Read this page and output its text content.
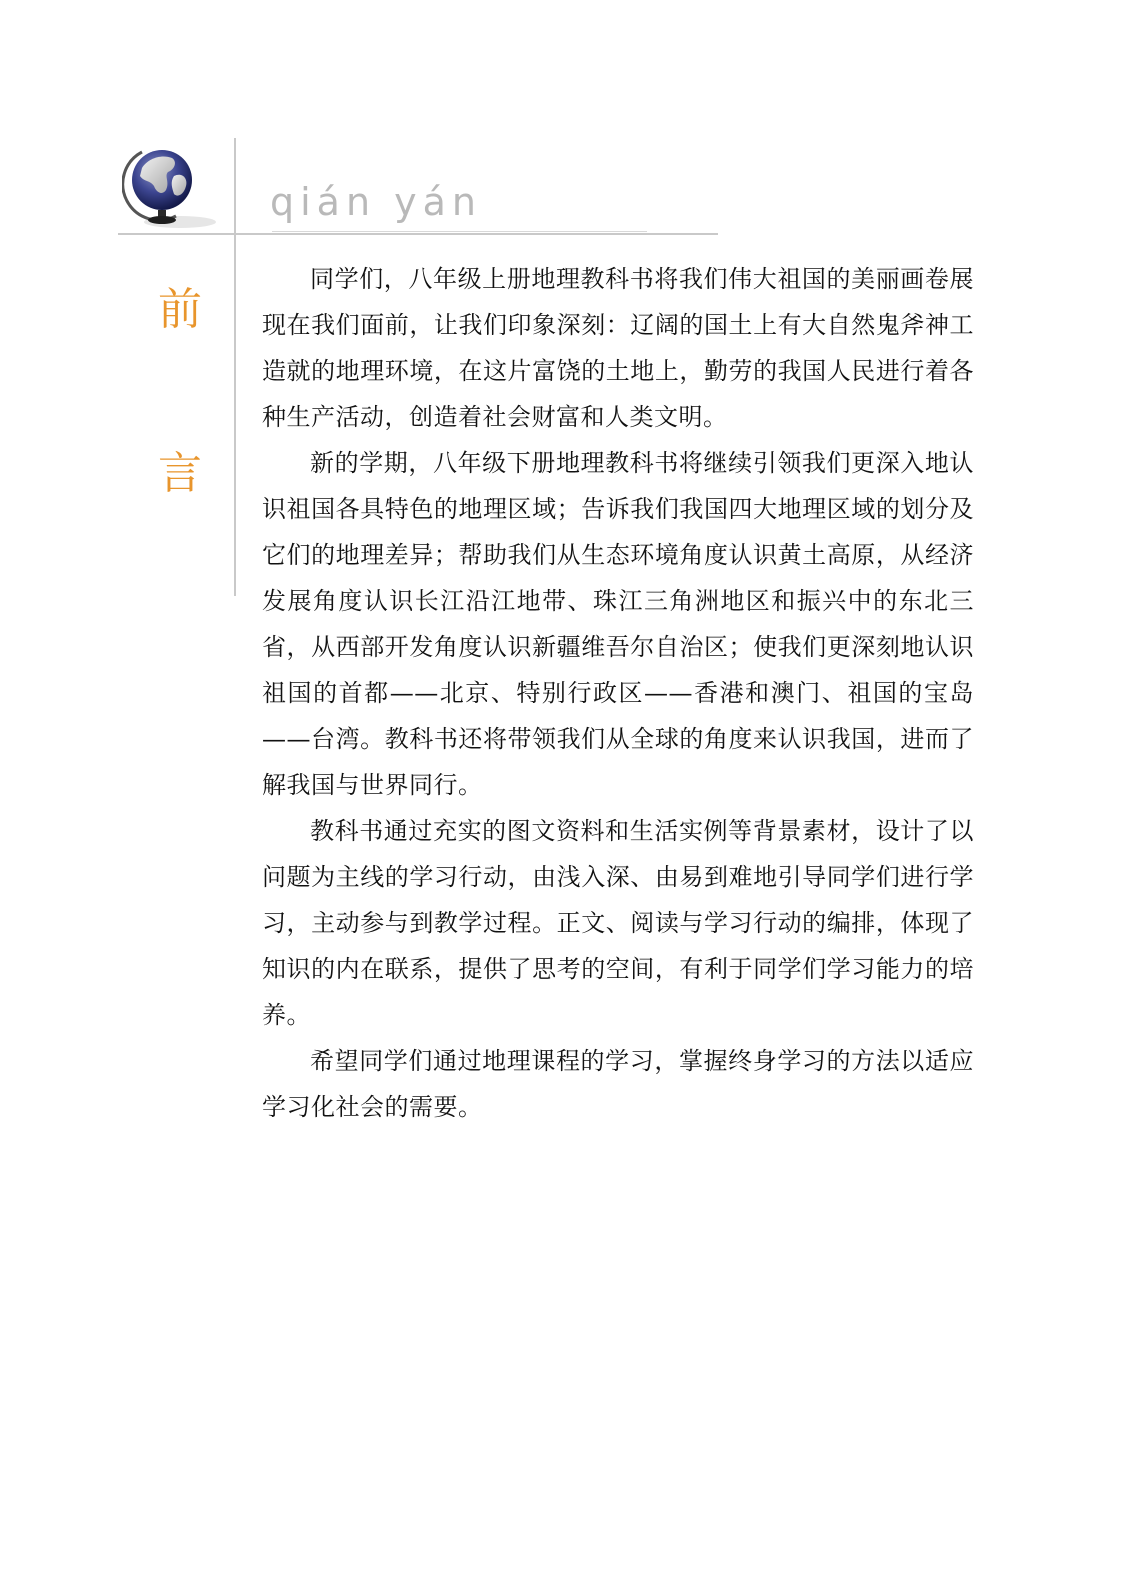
qián yán
前
言

同学们，八年级上册地理教科书将我们伟大祖国的美丽画卷展现在我们面前，让我们印象深刻：辽阔的国土上有大自然鬼斧神工造就的地理环境，在这片富饶的土地上，勤劳的我国人民进行着各种生产活动，创造着社会财富和人类文明。

新的学期，八年级下册地理教科书将继续引领我们更深入地认识祖国各具特色的地理区域；告诉我们我国四大地理区域的划分及它们的地理差异；帮助我们从生态环境角度认识黄土高原，从经济发展角度认识长江沿江地带、珠江三角洲地区和振兴中的东北三省，从西部开发角度认识新疆维吾尔自治区；使我们更深刻地认识祖国的首都——北京、特别行政区——香港和澳门、祖国的宝岛——台湾。教科书还将带领我们从全球的角度来认识我国，进而了解我国与世界同行。

教科书通过充实的图文资料和生活实例等背景素材，设计了以问题为主线的学习行动，由浅入深、由易到难地引导同学们进行学习，主动参与到教学过程。正文、阅读与学习行动的编排，体现了知识的内在联系，提供了思考的空间，有利于同学们学习能力的培养。

希望同学们通过地理课程的学习，掌握终身学习的方法以适应学习化社会的需要。
